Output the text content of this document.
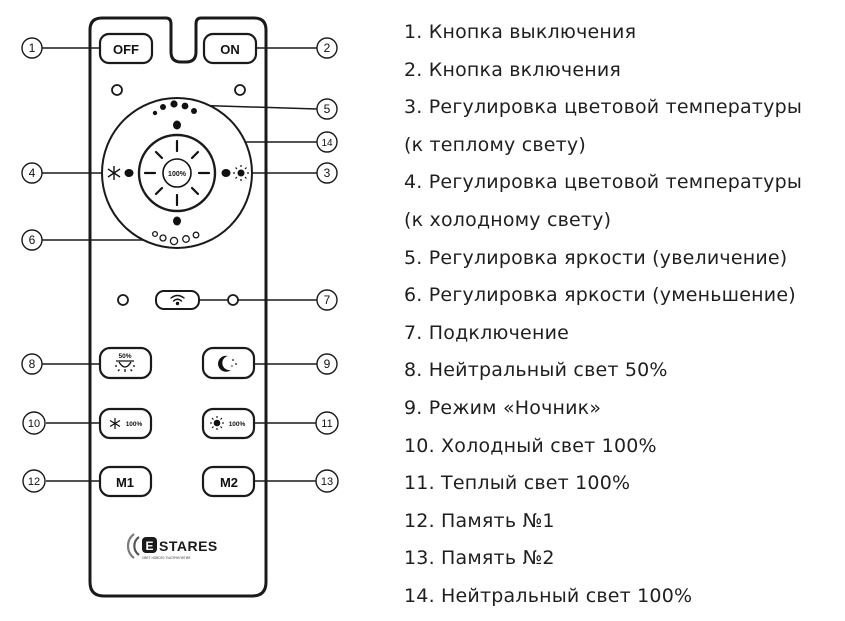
OFF	ON
100%
50%
100%	100%
M1	M2
E STARES
свет нового тысячелетия
1	2
5
14
4	3
6
7
8	9
10	11
12	13
1. Кнопка выключения
2. Кнопка включения
3. Регулировка цветовой температуры
(к теплому свету)
4. Регулировка цветовой температуры
(к холодному свету)
5. Регулировка яркости (увеличение)
6. Регулировка яркости (уменьшение)
7. Подключение
8. Нейтральный свет 50%
9. Режим «Ночник»
10. Холодный свет 100%
11. Теплый свет 100%
12. Память №1
13. Память №2
14. Нейтральный свет 100%
